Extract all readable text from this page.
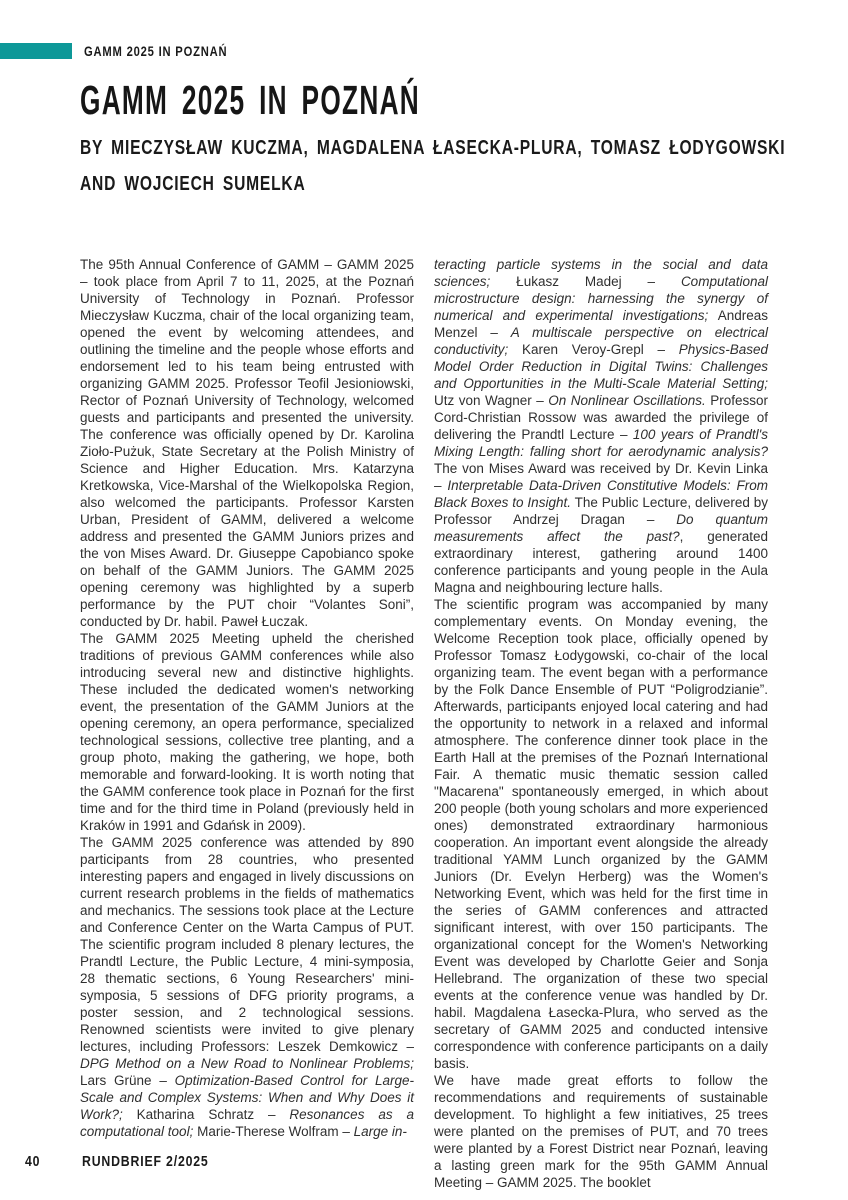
GAMM 2025 IN POZNAŃ
GAMM 2025 IN POZNAŃ
BY MIECZYSŁAW KUCZMA, MAGDALENA ŁASECKA-PLURA, TOMASZ ŁODYGOWSKI
AND WOJCIECH SUMELKA

The 95th Annual Conference of GAMM – GAMM 2025 – took place from April 7 to 11, 2025, at the Poznań University of Technology in Poznań. Professor Mieczysław Kuczma, chair of the local organizing team, opened the event by welcoming attendees, and outlining the timeline and the people whose efforts and endorsement led to his team being entrusted with organizing GAMM 2025. Professor Teofil Jesioniowski, Rector of Poznań University of Technology, welcomed guests and participants and presented the university. The conference was officially opened by Dr. Karolina Zioło-Pużuk, State Secretary at the Polish Ministry of Science and Higher Education. Mrs. Katarzyna Kretkowska, Vice-Marshal of the Wielkopolska Region, also welcomed the participants. Professor Karsten Urban, President of GAMM, delivered a welcome address and presented the GAMM Juniors prizes and the von Mises Award. Dr. Giuseppe Capobianco spoke on behalf of the GAMM Juniors. The GAMM 2025 opening ceremony was highlighted by a superb performance by the PUT choir “Volantes Soni”, conducted by Dr. habil. Paweł Łuczak.

The GAMM 2025 Meeting upheld the cherished traditions of previous GAMM conferences while also introducing several new and distinctive highlights. These included the dedicated women's networking event, the presentation of the GAMM Juniors at the opening ceremony, an opera performance, specialized technological sessions, collective tree planting, and a group photo, making the gathering, we hope, both memorable and forward-looking. It is worth noting that the GAMM conference took place in Poznań for the first time and for the third time in Poland (previously held in Kraków in 1991 and Gdańsk in 2009).

The GAMM 2025 conference was attended by 890 participants from 28 countries, who presented interesting papers and engaged in lively discussions on current research problems in the fields of mathematics and mechanics. The sessions took place at the Lecture and Conference Center on the Warta Campus of PUT. The scientific program included 8 plenary lectures, the Prandtl Lecture, the Public Lecture, 4 mini-symposia, 28 thematic sections, 6 Young Researchers' mini-symposia, 5 sessions of DFG priority programs, a poster session, and 2 technological sessions. Renowned scientists were invited to give plenary lectures, including Professors: Leszek Demkowicz – DPG Method on a New Road to Nonlinear Problems; Lars Grüne – Optimization-Based Control for Large-Scale and Complex Systems: When and Why Does it Work?; Katharina Schratz – Resonances as a computational tool; Marie-Therese Wolfram – Large in-

teracting particle systems in the social and data sciences; Łukasz Madej – Computational microstructure design: harnessing the synergy of numerical and experimental investigations; Andreas Menzel – A multiscale perspective on electrical conductivity; Karen Veroy-Grepl – Physics-Based Model Order Reduction in Digital Twins: Challenges and Opportunities in the Multi-Scale Material Setting; Utz von Wagner – On Nonlinear Oscillations. Professor Cord-Christian Rossow was awarded the privilege of delivering the Prandtl Lecture – 100 years of Prandtl's Mixing Length: falling short for aerodynamic analysis? The von Mises Award was received by Dr. Kevin Linka – Interpretable Data-Driven Constitutive Models: From Black Boxes to Insight. The Public Lecture, delivered by Professor Andrzej Dragan – Do quantum measurements affect the past?, generated extraordinary interest, gathering around 1400 conference participants and young people in the Aula Magna and neighbouring lecture halls.

The scientific program was accompanied by many complementary events. On Monday evening, the Welcome Reception took place, officially opened by Professor Tomasz Łodygowski, co-chair of the local organizing team. The event began with a performance by the Folk Dance Ensemble of PUT “Poligrodzianie”. Afterwards, participants enjoyed local catering and had the opportunity to network in a relaxed and informal atmosphere. The conference dinner took place in the Earth Hall at the premises of the Poznań International Fair. A thematic music thematic session called "Macarena" spontaneously emerged, in which about 200 people (both young scholars and more experienced ones) demonstrated extraordinary harmonious cooperation. An important event alongside the already traditional YAMM Lunch organized by the GAMM Juniors (Dr. Evelyn Herberg) was the Women's Networking Event, which was held for the first time in the series of GAMM conferences and attracted significant interest, with over 150 participants. The organizational concept for the Women's Networking Event was developed by Charlotte Geier and Sonja Hellebrand. The organization of these two special events at the conference venue was handled by Dr. habil. Magdalena Łasecka-Plura, who served as the secretary of GAMM 2025 and conducted intensive correspondence with conference participants on a daily basis.

We have made great efforts to follow the recommendations and requirements of sustainable development. To highlight a few initiatives, 25 trees were planted on the premises of PUT, and 70 trees were planted by a Forest District near Poznań, leaving a lasting green mark for the 95th GAMM Annual Meeting – GAMM 2025. The booklet

40	RUNDBRIEF 2/2025
